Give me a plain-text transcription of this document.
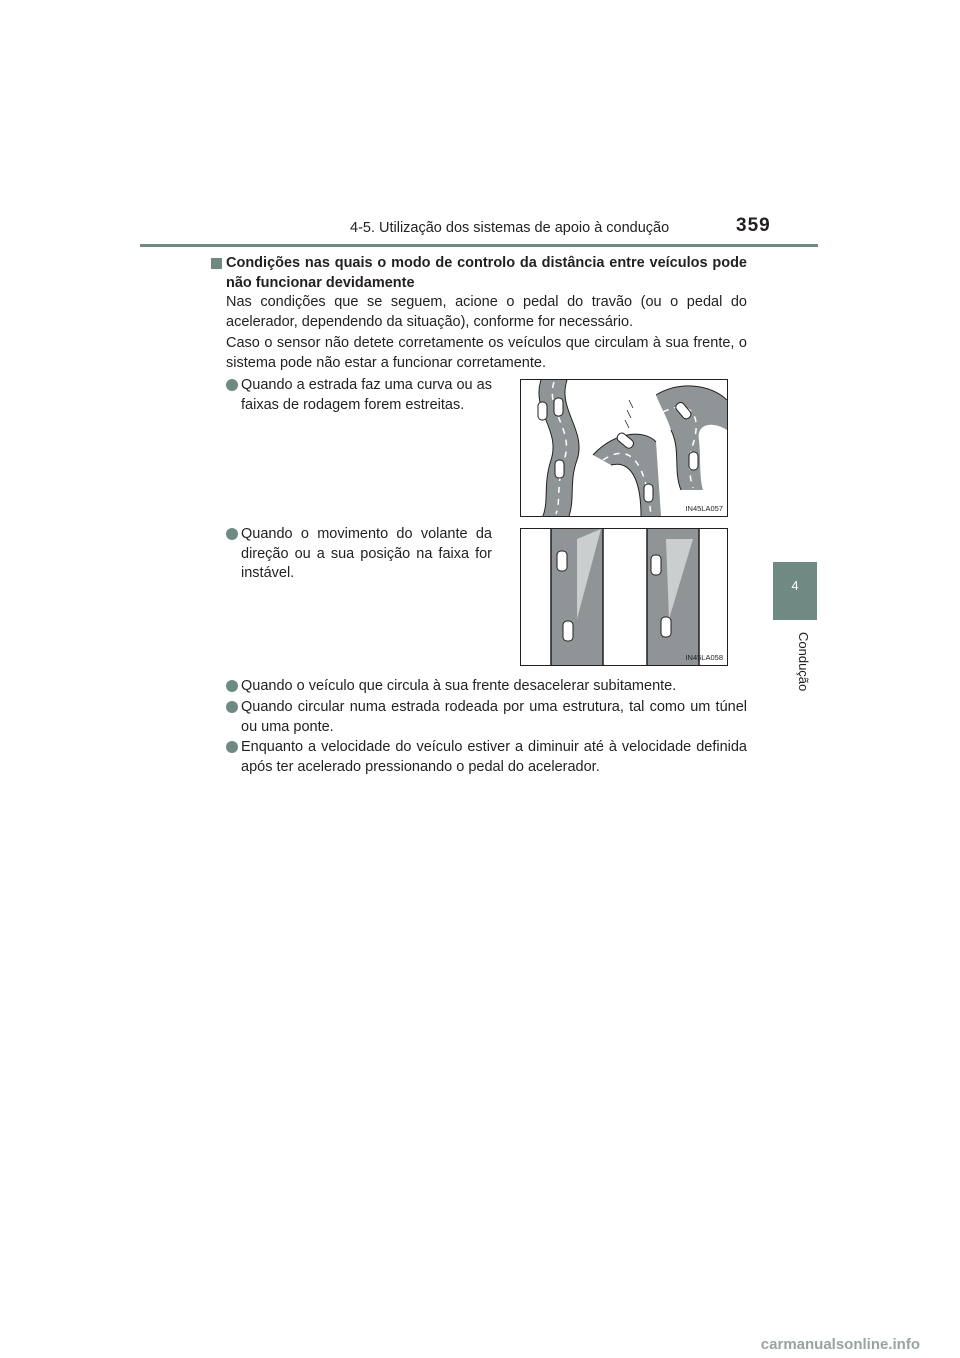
4-5. Utilização dos sistemas de apoio à condução	359
4
Condução
Condições nas quais o modo de controlo da distância entre veículos pode não funcionar devidamente
Nas condições que se seguem, acione o pedal do travão (ou o pedal do acelerador, dependendo da situação), conforme for necessário.
Caso o sensor não detete corretamente os veículos que circulam à sua frente, o sistema pode não estar a funcionar corretamente.
Quando a estrada faz uma curva ou as faixas de rodagem forem estreitas.
IN45LA057
Quando o movimento do volante da direção ou a sua posição na faixa for instável.
IN45LA058
Quando o veículo que circula à sua frente desacelerar subitamente.
Quando circular numa estrada rodeada por uma estrutura, tal como um túnel ou uma ponte.
Enquanto a velocidade do veículo estiver a diminuir até à velocidade definida após ter acelerado pressionando o pedal do acelerador.
carmanualsonline.info
